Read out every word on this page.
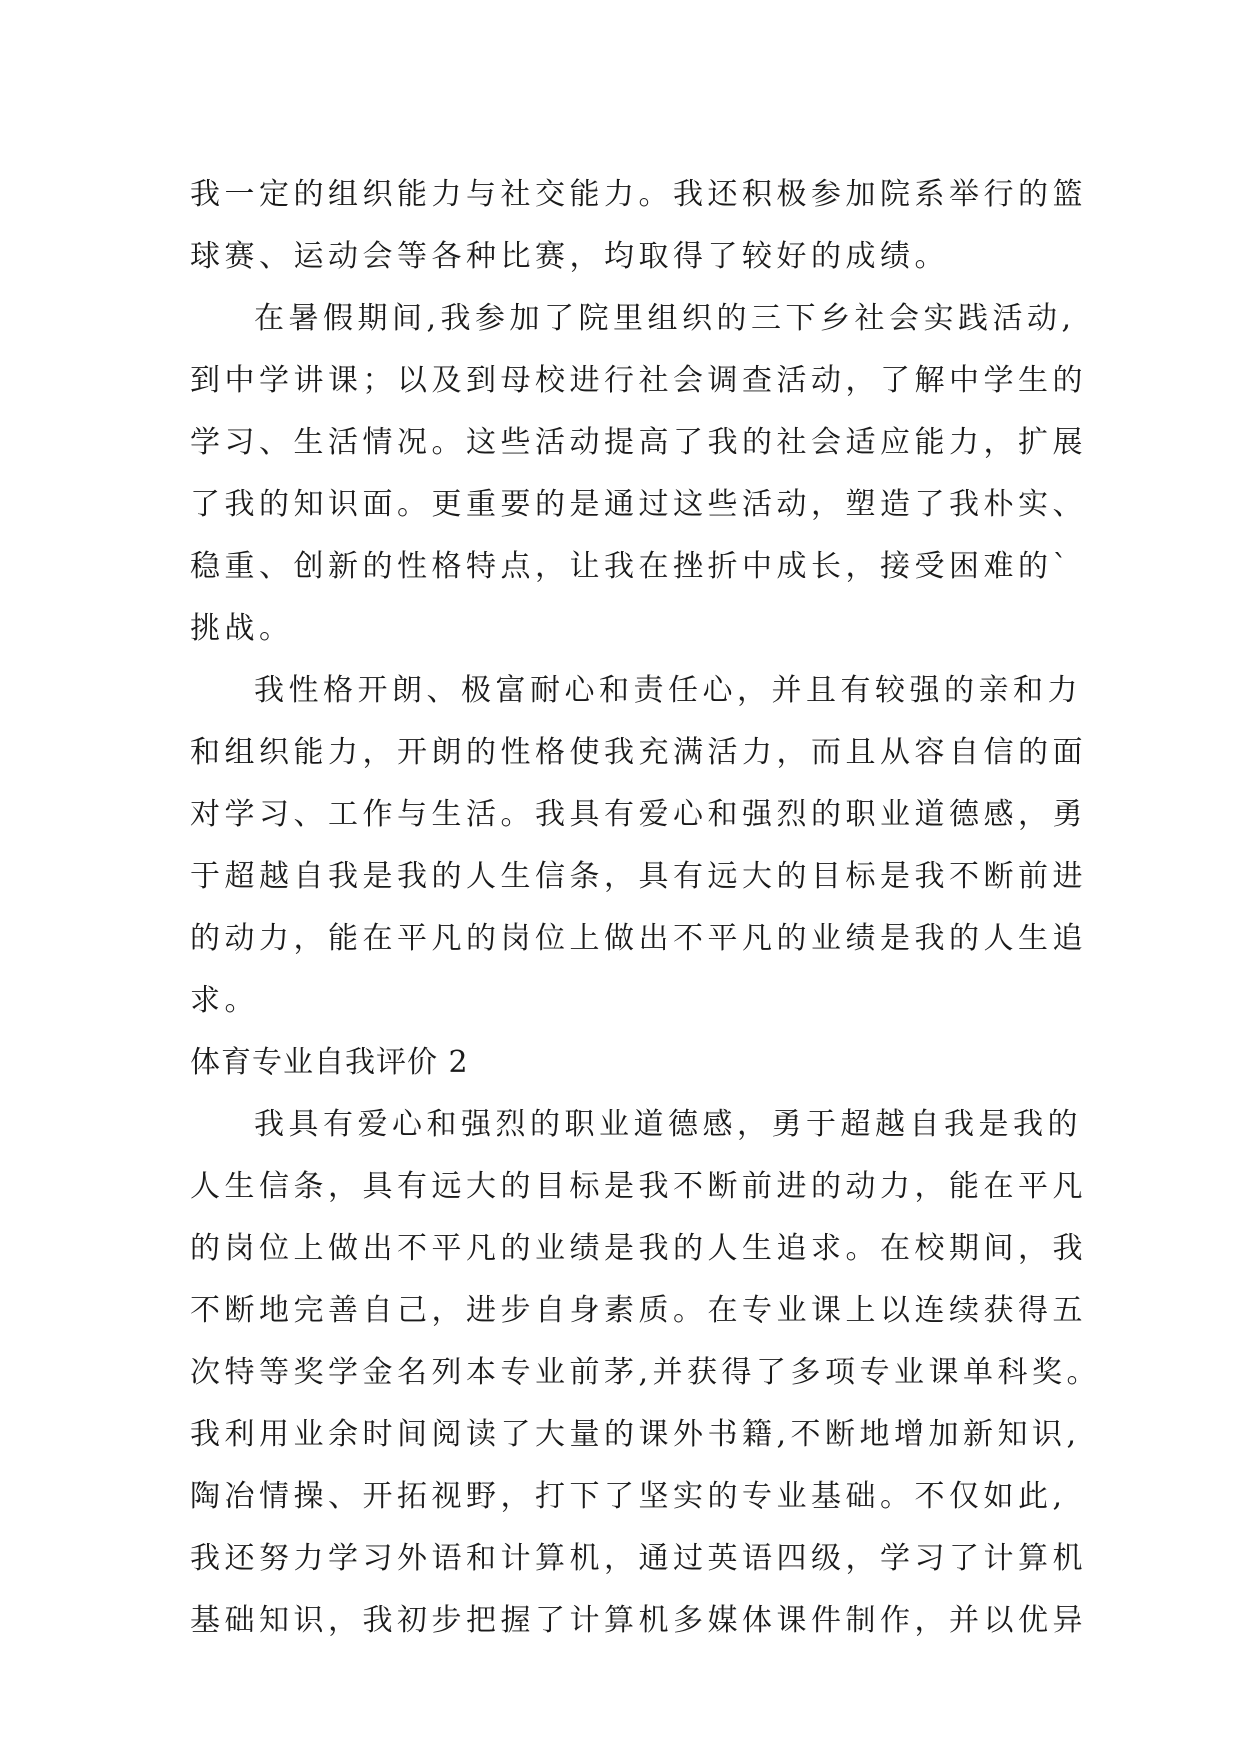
我一定的组织能力与社交能力。我还积极参加院系举行的篮
球赛、运动会等各种比赛，均取得了较好的成绩。
在暑假期间,我参加了院里组织的三下乡社会实践活动,
到中学讲课；以及到母校进行社会调查活动，了解中学生的
学习、生活情况。这些活动提高了我的社会适应能力，扩展
了我的知识面。更重要的是通过这些活动，塑造了我朴实、
稳重、创新的性格特点，让我在挫折中成长，接受困难的`
挑战。
我性格开朗、极富耐心和责任心，并且有较强的亲和力
和组织能力，开朗的性格使我充满活力，而且从容自信的面
对学习、工作与生活。我具有爱心和强烈的职业道德感，勇
于超越自我是我的人生信条，具有远大的目标是我不断前进
的动力，能在平凡的岗位上做出不平凡的业绩是我的人生追
求。
体育专业自我评价 2
我具有爱心和强烈的职业道德感，勇于超越自我是我的
人生信条，具有远大的目标是我不断前进的动力，能在平凡
的岗位上做出不平凡的业绩是我的人生追求。在校期间，我
不断地完善自己，进步自身素质。在专业课上以连续获得五
次特等奖学金名列本专业前茅,并获得了多项专业课单科奖。
我利用业余时间阅读了大量的课外书籍,不断地增加新知识,
陶冶情操、开拓视野，打下了坚实的专业基础。不仅如此,
我还努力学习外语和计算机，通过英语四级，学习了计算机
基础知识，我初步把握了计算机多媒体课件制作，并以优异
